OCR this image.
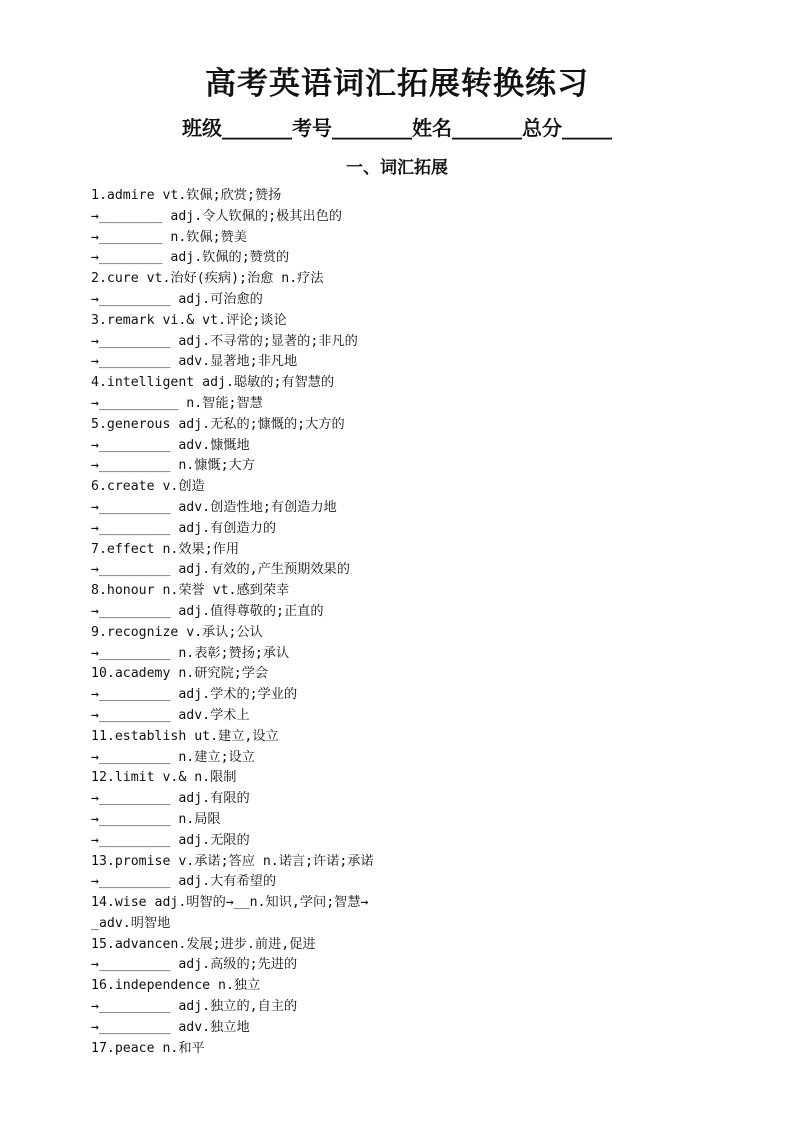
高考英语词汇拓展转换练习
班级_______考号________姓名_______总分_____
一、词汇拓展
1.admire vt.钦佩;欣赏;赞扬
→________ adj.令人钦佩的;极其出色的
→________ n.钦佩;赞美
→________ adj.钦佩的;赞赏的
2.cure vt.治好(疾病);治愈 n.疗法
→_________ adj.可治愈的
3.remark vi.& vt.评论;谈论
→_________ adj.不寻常的;显著的;非凡的
→_________ adv.显著地;非凡地
4.intelligent adj.聪敏的;有智慧的
→__________ n.智能;智慧
5.generous adj.无私的;慷慨的;大方的
→_________ adv.慷慨地
→_________ n.慷慨;大方
6.create v.创造
→_________ adv.创造性地;有创造力地
→_________ adj.有创造力的
7.effect n.效果;作用
→_________ adj.有效的,产生预期效果的
8.honour n.荣誉 vt.感到荣幸
→_________ adj.值得尊敬的;正直的
9.recognize v.承认;公认
→_________ n.表彰;赞扬;承认
10.academy n.研究院;学会
→_________ adj.学术的;学业的
→_________ adv.学术上
11.establish ut.建立,设立
→_________ n.建立;设立
12.limit v.& n.限制
→_________ adj.有限的
→_________ n.局限
→_________ adj.无限的
13.promise v.承诺;答应 n.诺言;许诺;承诺
→_________ adj.大有希望的
14.wise adj.明智的→__n.知识,学问;智慧→
_adv.明智地
15.advancen.发展;进步.前进,促进
→_________ adj.高级的;先进的
16.independence n.独立
→_________ adj.独立的,自主的
→_________ adv.独立地
17.peace n.和平
